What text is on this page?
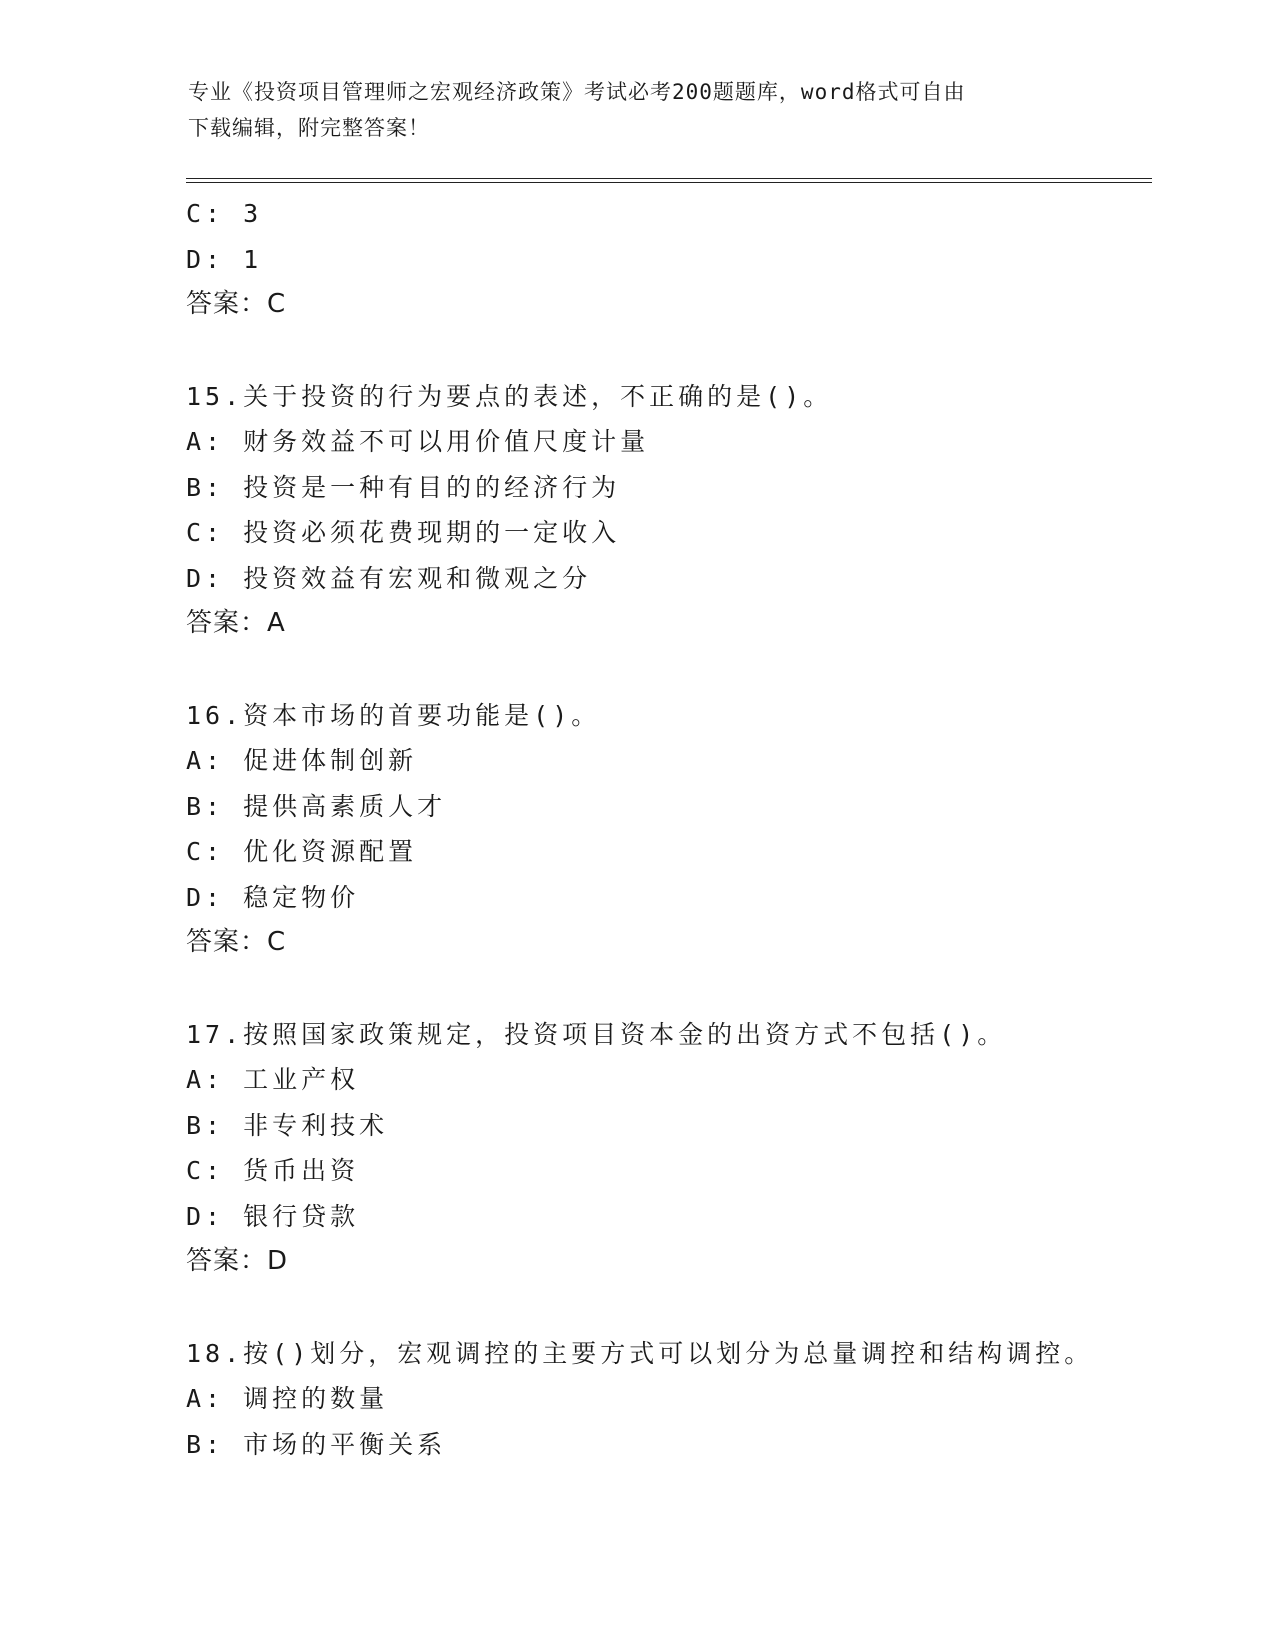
专业《投资项目管理师之宏观经济政策》考试必考200题题库，word格式可自由
下载编辑，附完整答案！
C: 3
D: 1
答案：C
15.关于投资的行为要点的表述，不正确的是()。
A: 财务效益不可以用价值尺度计量
B: 投资是一种有目的的经济行为
C: 投资必须花费现期的一定收入
D: 投资效益有宏观和微观之分
答案：A
16.资本市场的首要功能是()。
A: 促进体制创新
B: 提供高素质人才
C: 优化资源配置
D: 稳定物价
答案：C
17.按照国家政策规定，投资项目资本金的出资方式不包括()。
A: 工业产权
B: 非专利技术
C: 货币出资
D: 银行贷款
答案：D
18.按()划分，宏观调控的主要方式可以划分为总量调控和结构调控。
A: 调控的数量
B: 市场的平衡关系
